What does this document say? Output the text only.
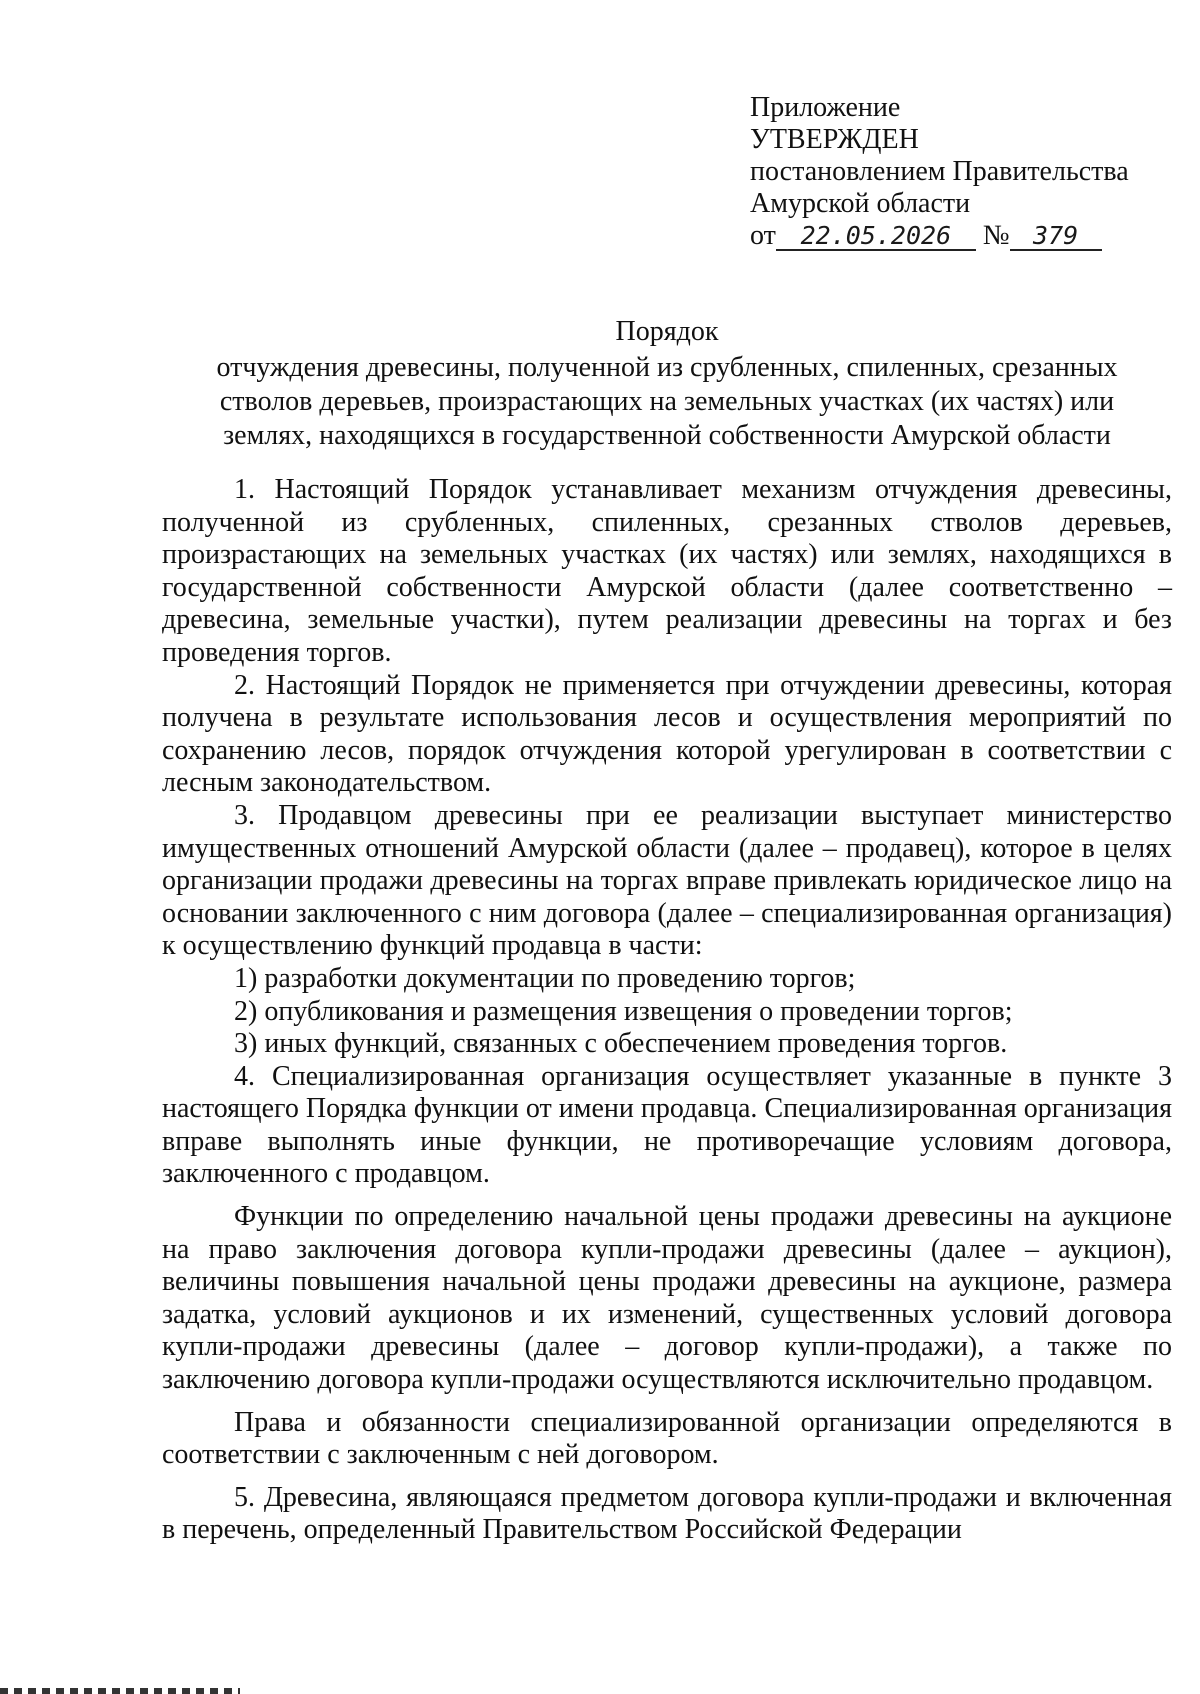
Приложение
УТВЕРЖДЕН
постановлением Правительства
Амурской области
от 22.05.2026 № 379
Порядок
отчуждения древесины, полученной из срубленных, спиленных, срезанных стволов деревьев, произрастающих на земельных участках (их частях) или землях, находящихся в государственной собственности Амурской области

1. Настоящий Порядок устанавливает механизм отчуждения древесины, полученной из срубленных, спиленных, срезанных стволов деревьев, произрастающих на земельных участках (их частях) или землях, находящихся в государственной собственности Амурской области (далее соответственно – древесина, земельные участки), путем реализации древесины на торгах и без проведения торгов.

2. Настоящий Порядок не применяется при отчуждении древесины, которая получена в результате использования лесов и осуществления мероприятий по сохранению лесов, порядок отчуждения которой урегулирован в соответствии с лесным законодательством.

3. Продавцом древесины при ее реализации выступает министерство имущественных отношений Амурской области (далее – продавец), которое в целях организации продажи древесины на торгах вправе привлекать юридическое лицо на основании заключенного с ним договора (далее – специализированная организация) к осуществлению функций продавца в части:

1) разработки документации по проведению торгов;

2) опубликования и размещения извещения о проведении торгов;

3) иных функций, связанных с обеспечением проведения торгов.

4. Специализированная организация осуществляет указанные в пункте 3 настоящего Порядка функции от имени продавца. Специализированная организация вправе выполнять иные функции, не противоречащие условиям договора, заключенного с продавцом.

Функции по определению начальной цены продажи древесины на аукционе на право заключения договора купли-продажи древесины (далее – аукцион), величины повышения начальной цены продажи древесины на аукционе, размера задатка, условий аукционов и их изменений, существенных условий договора купли-продажи древесины (далее – договор купли-продажи), а также по заключению договора купли-продажи осуществляются исключительно продавцом.

Права и обязанности специализированной организации определяются в соответствии с заключенным с ней договором.

5. Древесина, являющаяся предметом договора купли-продажи и включенная в перечень, определенный Правительством Российской Федерации
